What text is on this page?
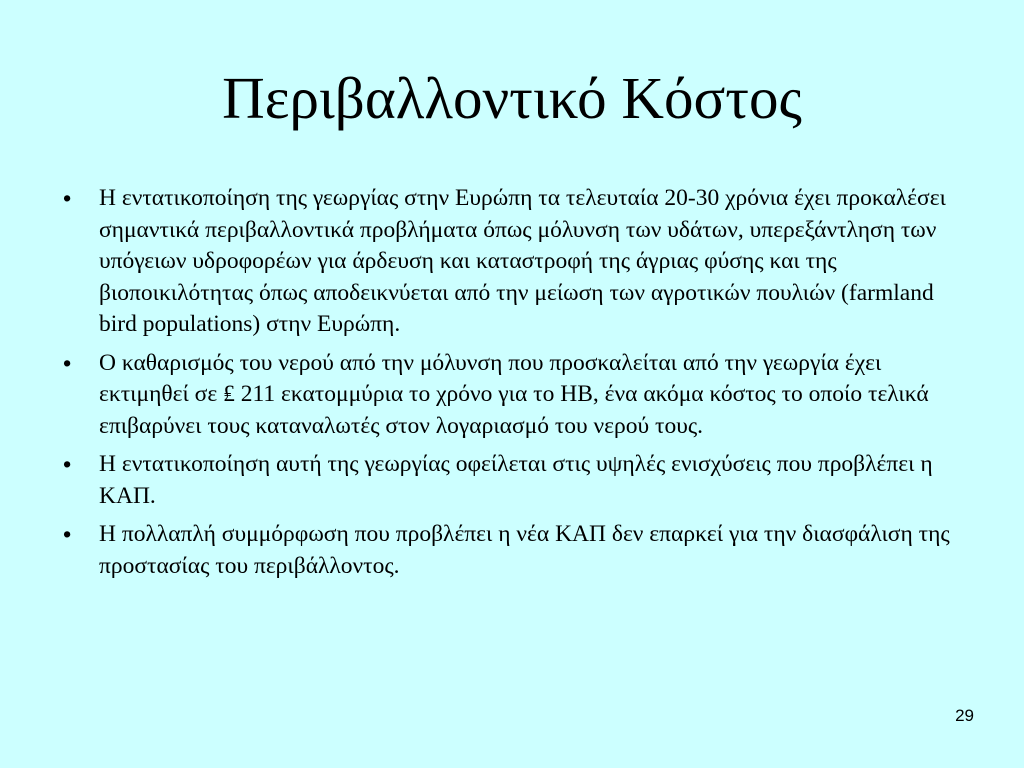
Περιβαλλοντικό Κόστος
•	Η εντατικοποίηση της γεωργίας στην Ευρώπη τα τελευταία 20-30 χρόνια έχει προκαλέσει σημαντικά περιβαλλοντικά προβλήματα όπως μόλυνση των υδάτων, υπερεξάντληση των υπόγειων υδροφορέων για άρδευση και καταστροφή της άγριας φύσης και της βιοποικιλότητας όπως αποδεικνύεται από την μείωση των αγροτικών πουλιών (farmland bird populations) στην Ευρώπη.
•	Ο καθαρισμός του νερού από την μόλυνση που προσκαλείται από την γεωργία έχει εκτιμηθεί σε ₤ 211 εκατομμύρια το χρόνο για το ΗΒ, ένα ακόμα κόστος το οποίο τελικά επιβαρύνει τους καταναλωτές στον λογαριασμό του νερού τους.
•	Η εντατικοποίηση αυτή της γεωργίας οφείλεται στις υψηλές ενισχύσεις που προβλέπει η ΚΑΠ.
•	Η πολλαπλή συμμόρφωση που προβλέπει η νέα ΚΑΠ δεν επαρκεί για την διασφάλιση της προστασίας του περιβάλλοντος.
29
